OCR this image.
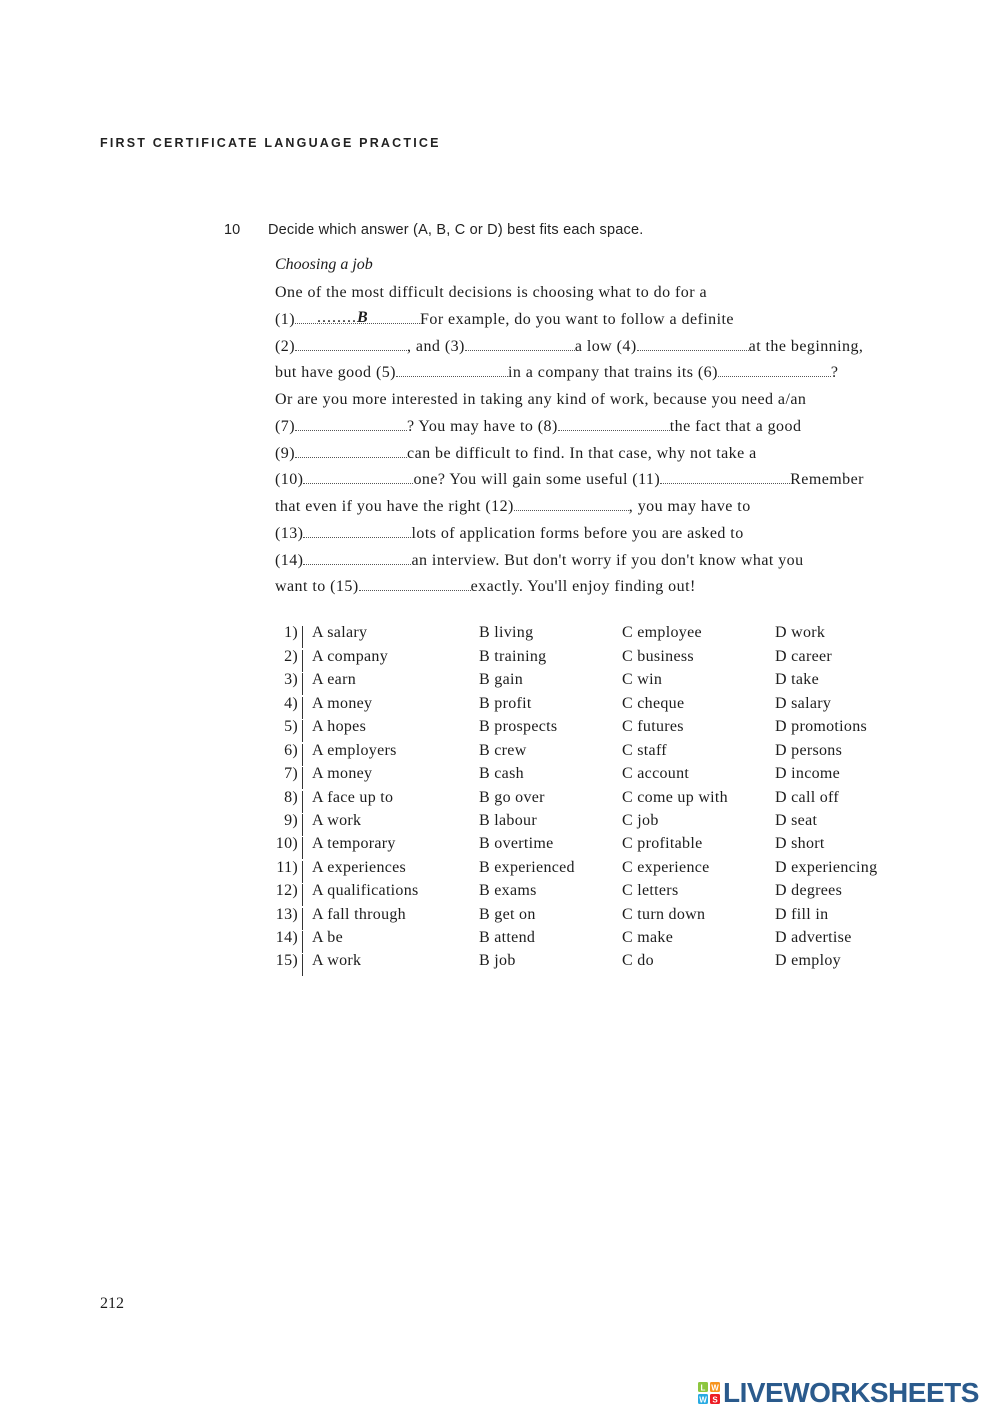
FIRST CERTIFICATE LANGUAGE PRACTICE
10 Decide which answer (A, B, C or D) best fits each space.
Choosing a job
One of the most difficult decisions is choosing what to do for a
(1) ........ B	For example, do you want to follow a definite
(2)	, and (3)	a low (4)	at the beginning,
but have good (5)	in a company that trains its (6)	?
Or are you more interested in taking any kind of work, because you need a/an
(7)	? You may have to (8)	the fact that a good
(9)	can be difficult to find. In that case, why not take a
(10)	one? You will gain some useful (11)	Remember
that even if you have the right (12)	, you may have to
(13)	lots of application forms before you are asked to
(14)	an interview. But don't worry if you don't know what you
want to (15)	exactly. You'll enjoy finding out!
1) A salary	B living	C employee	D work
2) A company	B training	C business	D career
3) A earn	B gain	C win	D take
4) A money	B profit	C cheque	D salary
5) A hopes	B prospects	C futures	D promotions
6) A employers	B crew	C staff	D persons
7) A money	B cash	C account	D income
8) A face up to	B go over	C come up with	D call off
9) A work	B labour	C job	D seat
10) A temporary	B overtime	C profitable	D short
11) A experiences	B experienced	C experience	D experiencing
12) A qualifications	B exams	C letters	D degrees
13) A fall through	B get on	C turn down	D fill in
14) A be	B attend	C make	D advertise
15) A work	B job	C do	D employ
212
L W
W S LIVEWORKSHEETS
